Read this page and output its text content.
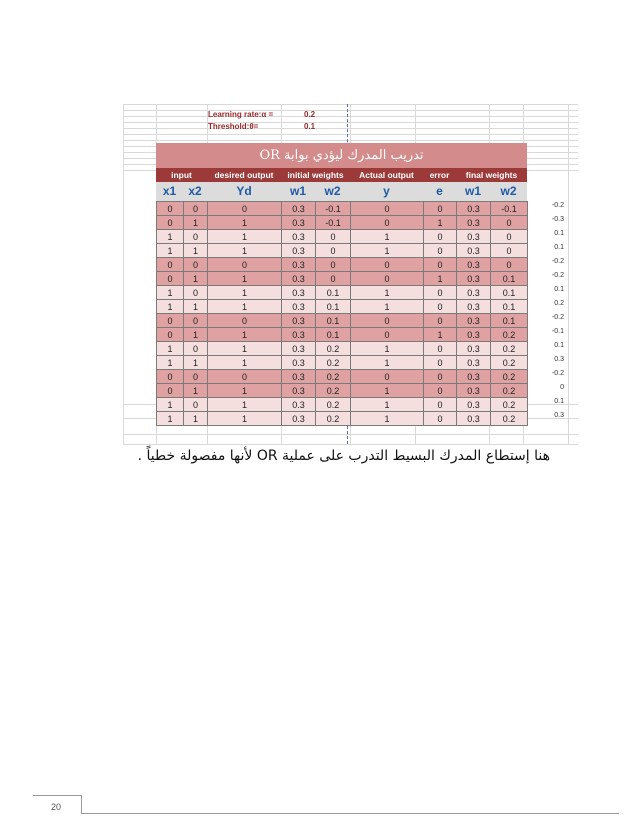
Learning rate:α =	0.2
Threshold:θ=	0.1
تدريب المدرك ليؤدي بوابة OR
input	desired output	initial weights	Actual output	error	final weights
x1	x2	Yd	w1	w2	y	e	w1	w2
0	0	0	0.3	-0.1	0	0	0.3	-0.1
0	1	1	0.3	-0.1	0	1	0.3	0
1	0	1	0.3	0	1	0	0.3	0
1	1	1	0.3	0	1	0	0.3	0
0	0	0	0.3	0	0	0	0.3	0
0	1	1	0.3	0	0	1	0.3	0.1
1	0	1	0.3	0.1	1	0	0.3	0.1
1	1	1	0.3	0.1	1	0	0.3	0.1
0	0	0	0.3	0.1	0	0	0.3	0.1
0	1	1	0.3	0.1	0	1	0.3	0.2
1	0	1	0.3	0.2	1	0	0.3	0.2
1	1	1	0.3	0.2	1	0	0.3	0.2
0	0	0	0.3	0.2	0	0	0.3	0.2
0	1	1	0.3	0.2	1	0	0.3	0.2
1	0	1	0.3	0.2	1	0	0.3	0.2
1	1	1	0.3	0.2	1	0	0.3	0.2
-0.2
-0.3
0.1
0.1
-0.2
-0.2
0.1
0.2
-0.2
-0.1
0.1
0.3
-0.2
0
0.1
0.3
هنا إستطاع المدرك البسيط التدرب على عملية OR لأنها مفصولة خطياً .
20
